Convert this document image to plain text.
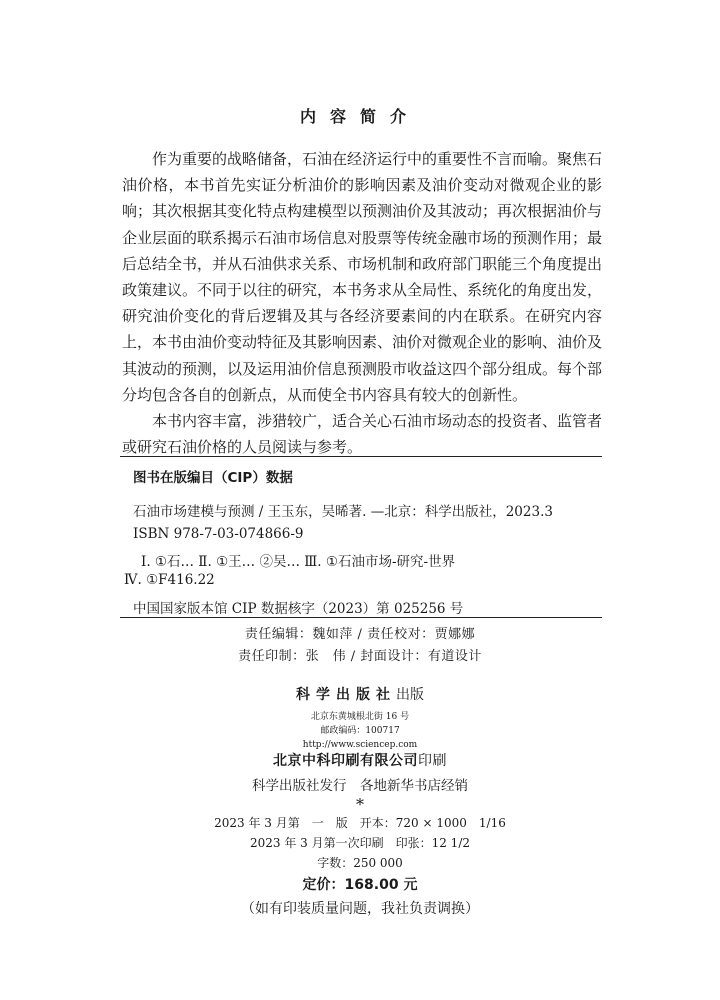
内容简介

作为重要的战略储备，石油在经济运行中的重要性不言而喻。聚焦石油价格，本书首先实证分析油价的影响因素及油价变动对微观企业的影响；其次根据其变化特点构建模型以预测油价及其波动；再次根据油价与企业层面的联系揭示石油市场信息对股票等传统金融市场的预测作用；最后总结全书，并从石油供求关系、市场机制和政府部门职能三个角度提出政策建议。不同于以往的研究，本书务求从全局性、系统化的角度出发，研究油价变化的背后逻辑及其与各经济要素间的内在联系。在研究内容上，本书由油价变动特征及其影响因素、油价对微观企业的影响、油价及其波动的预测，以及运用油价信息预测股市收益这四个部分组成。每个部分均包含各自的创新点，从而使全书内容具有较大的创新性。

本书内容丰富，涉猎较广，适合关心石油市场动态的投资者、监管者或研究石油价格的人员阅读与参考。

图书在版编目（CIP）数据
石油市场建模与预测 / 王玉东，吴晞著. —北京：科学出版社，2023.3
ISBN 978-7-03-074866-9
Ⅰ. ①石… Ⅱ. ①王… ②吴… Ⅲ. ①石油市场-研究-世界
Ⅳ. ①F416.22
中国国家版本馆 CIP 数据核字（2023）第 025256 号
责任编辑：魏如萍 / 责任校对：贾娜娜
责任印制：张　伟 / 封面设计：有道设计
科学出版社出版
北京东黄城根北街 16 号
邮政编码：100717
http://www.sciencep.com
北京中科印刷有限公司印刷
科学出版社发行　各地新华书店经销
*
2023 年 3 月第　一　版　开本：720 × 1000　1/16
2023 年 3 月第一次印刷　印张：12 1/2
字数：250 000
定价：168.00 元
（如有印装质量问题，我社负责调换）
